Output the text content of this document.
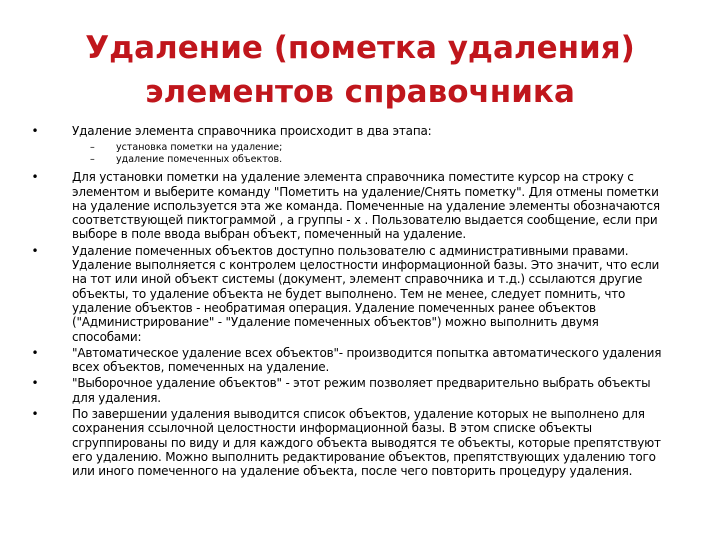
Удаление (пометка удаления)
элементов справочника
•	Удаление элемента справочника происходит в два этапа:
– установка пометки на удаление;
– удаление помеченных объектов.
•	Для установки пометки на удаление элемента справочника поместите курсор на строку с
элементом и выберите команду "Пометить на удаление/Снять пометку". Для отмены пометки
на удаление используется эта же команда. Помеченные на удаление элементы обозначаются
соответствующей пиктограммой , а группы - х . Пользователю выдается сообщение, если при
выборе в поле ввода выбран объект, помеченный на удаление.
•	Удаление помеченных объектов доступно пользователю с административными правами.
Удаление выполняется с контролем целостности информационной базы. Это значит, что если
на тот или иной объект системы (документ, элемент справочника и т.д.) ссылаются другие
объекты, то удаление объекта не будет выполнено. Тем не менее, следует помнить, что
удаление объектов - необратимая операция. Удаление помеченных ранее объектов
("Администрирование" - "Удаление помеченных объектов") можно выполнить двумя
способами:
•	"Автоматическое удаление всех объектов"- производится попытка автоматического удаления
всех объектов, помеченных на удаление.
•	"Выборочное удаление объектов" - этот режим позволяет предварительно выбрать объекты
для удаления.
•	По завершении удаления выводится список объектов, удаление которых не выполнено для
сохранения ссылочной целостности информационной базы. В этом списке объекты
сгруппированы по виду и для каждого объекта выводятся те объекты, которые препятствуют
его удалению. Можно выполнить редактирование объектов, препятствующих удалению того
или иного помеченного на удаление объекта, после чего повторить процедуру удаления.
